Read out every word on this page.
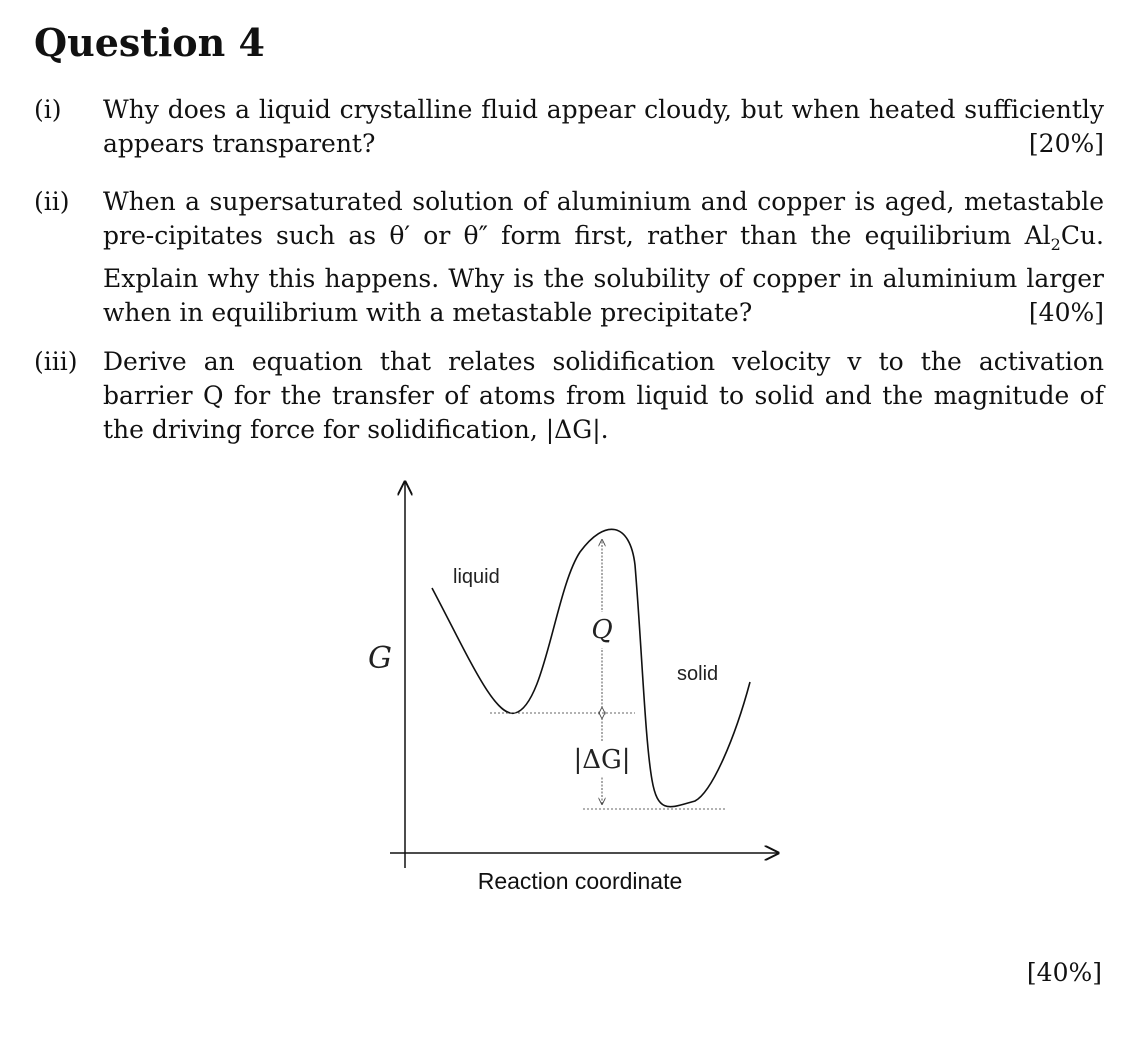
Question 4
(i) Why does a liquid crystalline fluid appear cloudy, but when heated sufficiently appears transparent?	[20%]
(ii) When a supersaturated solution of aluminium and copper is aged, metastable pre-cipitates such as θ′ or θ″ form first, rather than the equilibrium $Al_2Cu$. Explain why this happens. Why is the solubility of copper in aluminium larger when in equilibrium with a metastable precipitate?	[40%]
(iii) Derive an equation that relates solidification velocity v to the activation barrier Q for the transfer of atoms from liquid to solid and the magnitude of the driving force for solidification, |ΔG|.
G
liquid
solid
Q
|ΔG|
Reaction coordinate
[40%]
